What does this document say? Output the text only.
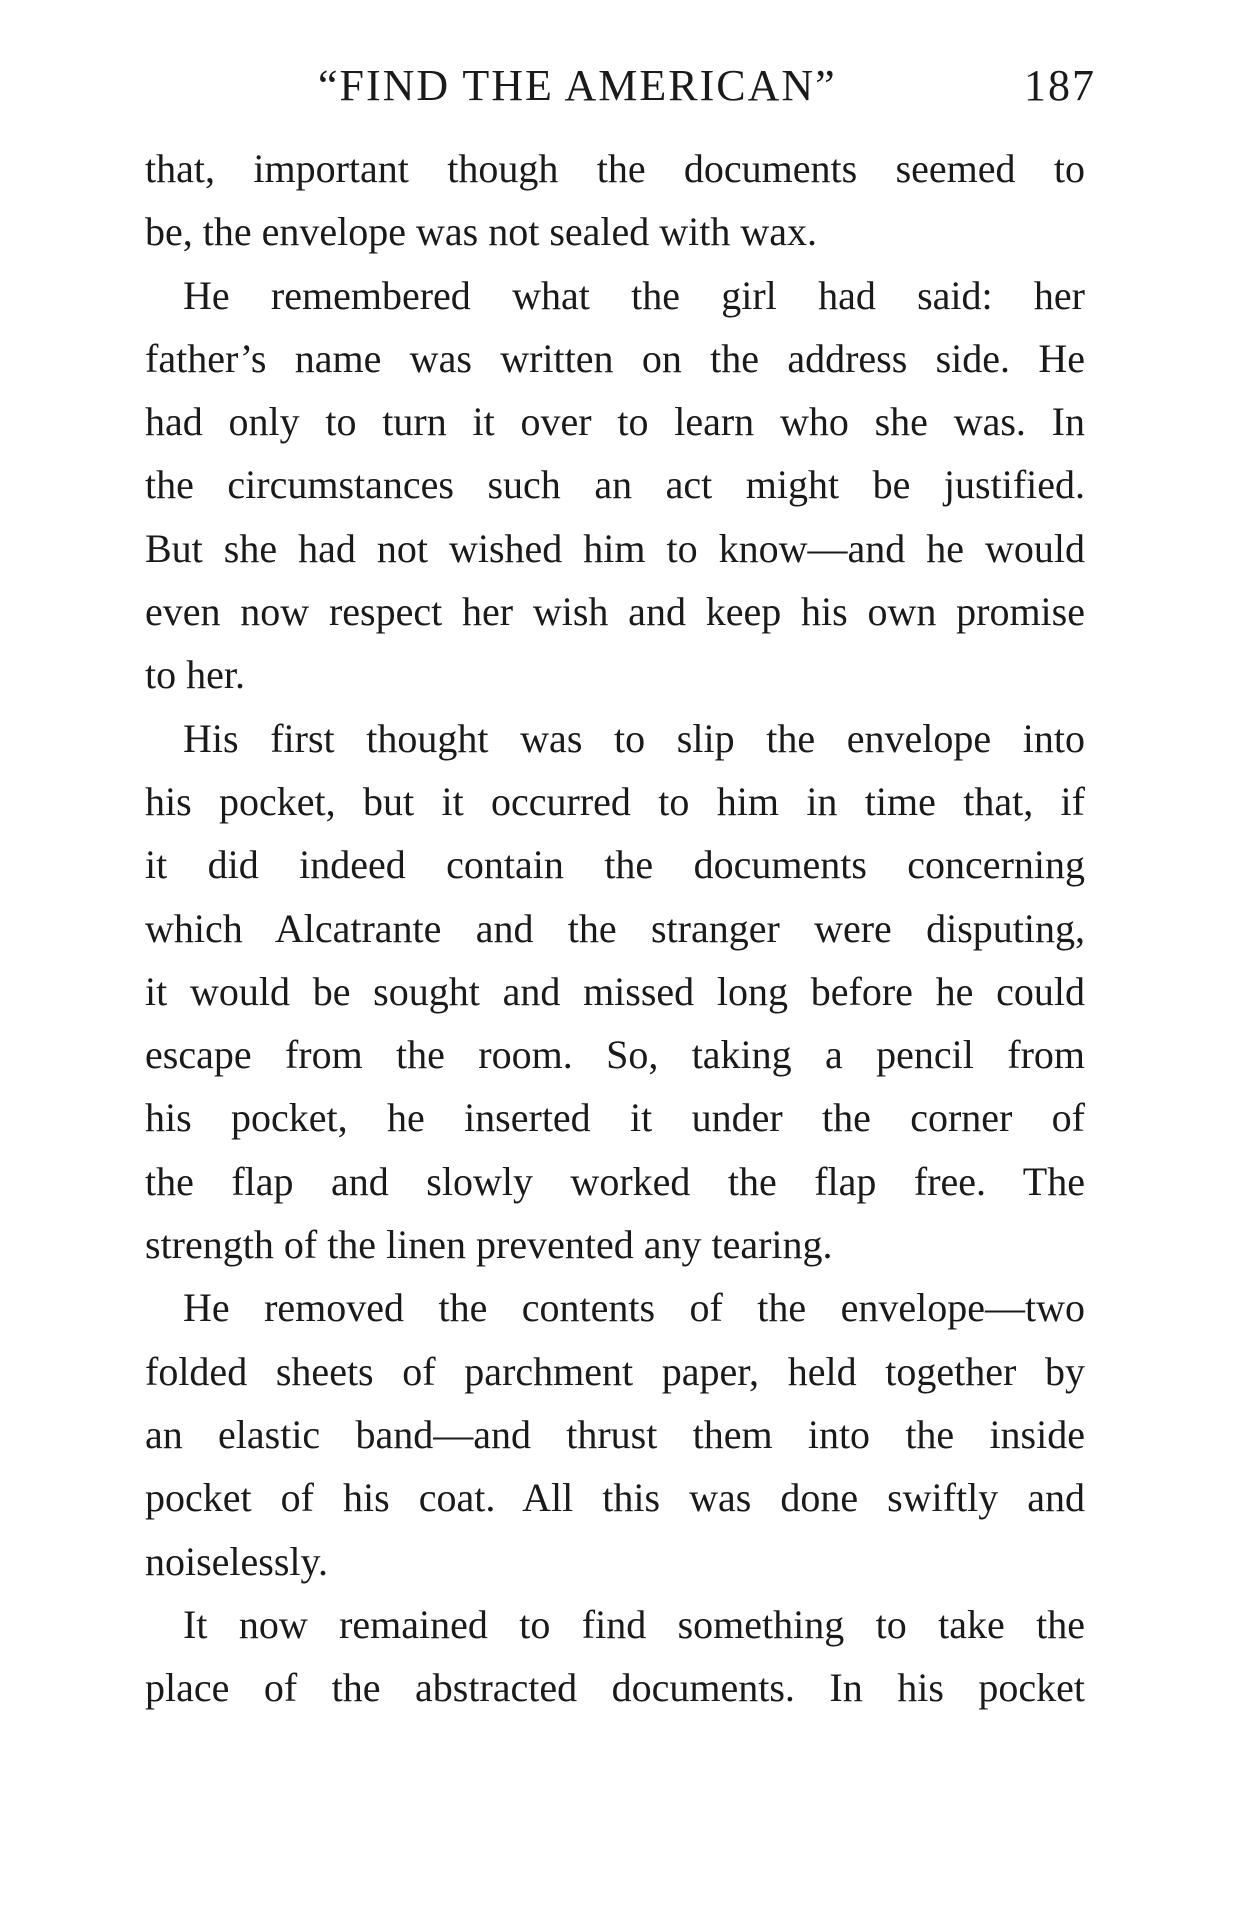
“FIND THE AMERICAN”	187
that, important though the documents seemed to
be, the envelope was not sealed with wax.
He remembered what the girl had said: her
father’s name was written on the address side. He
had only to turn it over to learn who she was. In
the circumstances such an act might be justified.
But she had not wished him to know—and he would
even now respect her wish and keep his own promise
to her.
His first thought was to slip the envelope into
his pocket, but it occurred to him in time that, if
it did indeed contain the documents concerning
which Alcatrante and the stranger were disputing,
it would be sought and missed long before he could
escape from the room. So, taking a pencil from
his pocket, he inserted it under the corner of
the flap and slowly worked the flap free. The
strength of the linen prevented any tearing.
He removed the contents of the envelope—two
folded sheets of parchment paper, held together by
an elastic band—and thrust them into the inside
pocket of his coat. All this was done swiftly and
noiselessly.
It now remained to find something to take the
place of the abstracted documents. In his pocket
